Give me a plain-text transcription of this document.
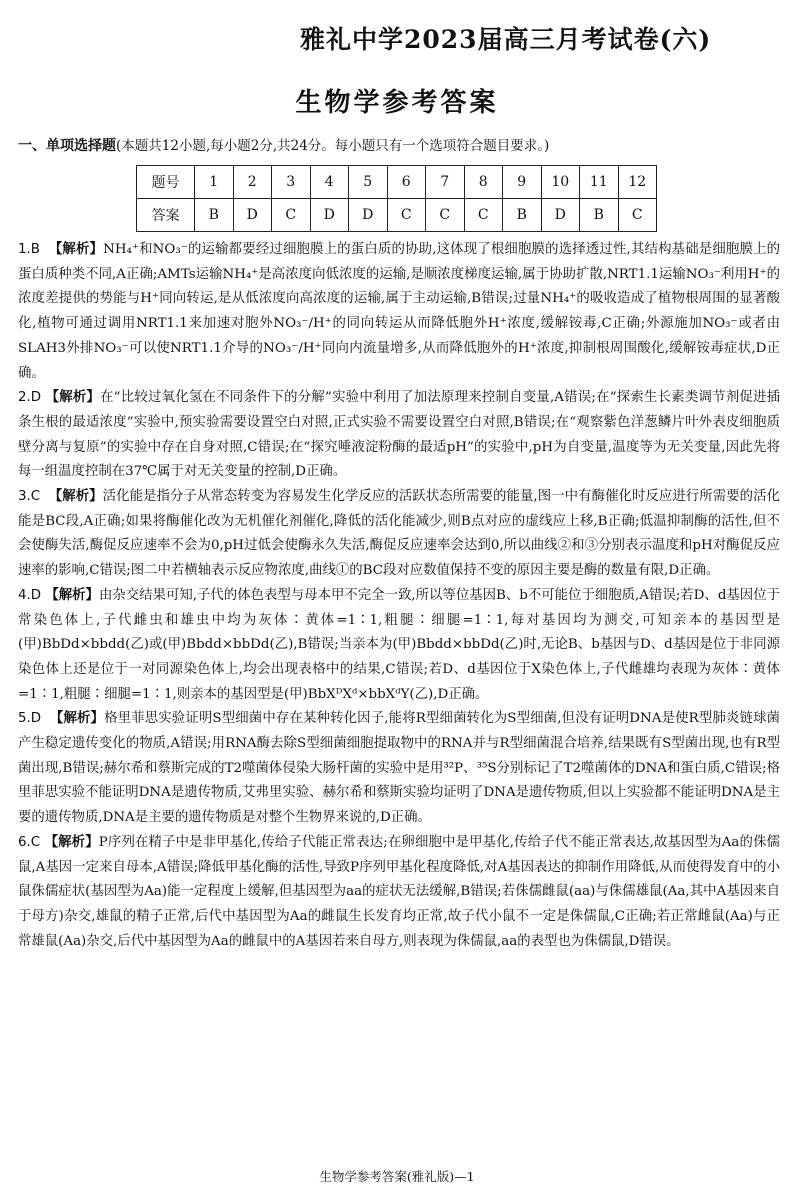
雅礼中学2023届高三月考试卷(六)
生物学参考答案
一、单项选择题(本题共12小题,每小题2分,共24分。每小题只有一个选项符合题目要求。)
题号	1	2	3	4	5	6	7	8	9	10	11	12
答案	B	D	C	D	D	C	C	C	B	D	B	C
1.B 【解析】NH₄⁺和NO₃⁻的运输都要经过细胞膜上的蛋白质的协助,这体现了根细胞膜的选择透过性,其结构基础是细胞膜上的蛋白质种类不同,A正确;AMTs运输NH₄⁺是高浓度向低浓度的运输,是顺浓度梯度运输,属于协助扩散,NRT1.1运输NO₃⁻利用H⁺的浓度差提供的势能与H⁺同向转运,是从低浓度向高浓度的运输,属于主动运输,B错误;过量NH₄⁺的吸收造成了植物根周围的显著酸化,植物可通过调用NRT1.1来加速对胞外NO₃⁻/H⁺的同向转运从而降低胞外H⁺浓度,缓解铵毒,C正确;外源施加NO₃⁻或者由SLAH3外排NO₃⁻可以使NRT1.1介导的NO₃⁻/H⁺同向内流量增多,从而降低胞外的H⁺浓度,抑制根周围酸化,缓解铵毒症状,D正确。
2.D 【解析】在“比较过氧化氢在不同条件下的分解”实验中利用了加法原理来控制自变量,A错误;在“探索生长素类调节剂促进插条生根的最适浓度”实验中,预实验需要设置空白对照,正式实验不需要设置空白对照,B错误;在“观察紫色洋葱鳞片叶外表皮细胞质壁分离与复原”的实验中存在自身对照,C错误;在“探究唾液淀粉酶的最适pH”的实验中,pH为自变量,温度等为无关变量,因此先将每一组温度控制在37℃属于对无关变量的控制,D正确。
3.C 【解析】活化能是指分子从常态转变为容易发生化学反应的活跃状态所需要的能量,图一中有酶催化时反应进行所需要的活化能是BC段,A正确;如果将酶催化改为无机催化剂催化,降低的活化能减少,则B点对应的虚线应上移,B正确;低温抑制酶的活性,但不会使酶失活,酶促反应速率不会为0,pH过低会使酶永久失活,酶促反应速率会达到0,所以曲线②和③分别表示温度和pH对酶促反应速率的影响,C错误;图二中若横轴表示反应物浓度,曲线①的BC段对应数值保持不变的原因主要是酶的数量有限,D正确。
4.D 【解析】由杂交结果可知,子代的体色表型与母本甲不完全一致,所以等位基因B、b不可能位于细胞质,A错误;若D、d基因位于常染色体上,子代雌虫和雄虫中均为灰体∶黄体=1∶1,粗腿∶细腿=1∶1,每对基因均为测交,可知亲本的基因型是(甲)BbDd×bbdd(乙)或(甲)Bbdd×bbDd(乙),B错误;当亲本为(甲)Bbdd×bbDd(乙)时,无论B、b基因与D、d基因是位于非同源染色体上还是位于一对同源染色体上,均会出现表格中的结果,C错误;若D、d基因位于X染色体上,子代雌雄均表现为灰体∶黄体=1∶1,粗腿∶细腿=1∶1,则亲本的基因型是(甲)BbXᴰXᵈ×bbXᵈY(乙),D正确。
5.D 【解析】格里菲思实验证明S型细菌中存在某种转化因子,能将R型细菌转化为S型细菌,但没有证明DNA是使R型肺炎链球菌产生稳定遗传变化的物质,A错误;用RNA酶去除S型细菌细胞提取物中的RNA并与R型细菌混合培养,结果既有S型菌出现,也有R型菌出现,B错误;赫尔希和蔡斯完成的T2噬菌体侵染大肠杆菌的实验中是用³²P、³⁵S分别标记了T2噬菌体的DNA和蛋白质,C错误;格里菲思实验不能证明DNA是遗传物质,艾弗里实验、赫尔希和蔡斯实验均证明了DNA是遗传物质,但以上实验都不能证明DNA是主要的遗传物质,DNA是主要的遗传物质是对整个生物界来说的,D正确。
6.C 【解析】P序列在精子中是非甲基化,传给子代能正常表达;在卵细胞中是甲基化,传给子代不能正常表达,故基因型为Aa的侏儒鼠,A基因一定来自母本,A错误;降低甲基化酶的活性,导致P序列甲基化程度降低,对A基因表达的抑制作用降低,从而使得发育中的小鼠侏儒症状(基因型为Aa)能一定程度上缓解,但基因型为aa的症状无法缓解,B错误;若侏儒雌鼠(aa)与侏儒雄鼠(Aa,其中A基因来自于母方)杂交,雄鼠的精子正常,后代中基因型为Aa的雌鼠生长发育均正常,故子代小鼠不一定是侏儒鼠,C正确;若正常雌鼠(Aa)与正常雄鼠(Aa)杂交,后代中基因型为Aa的雌鼠中的A基因若来自母方,则表现为侏儒鼠,aa的表型也为侏儒鼠,D错误。
生物学参考答案(雅礼版)—1
